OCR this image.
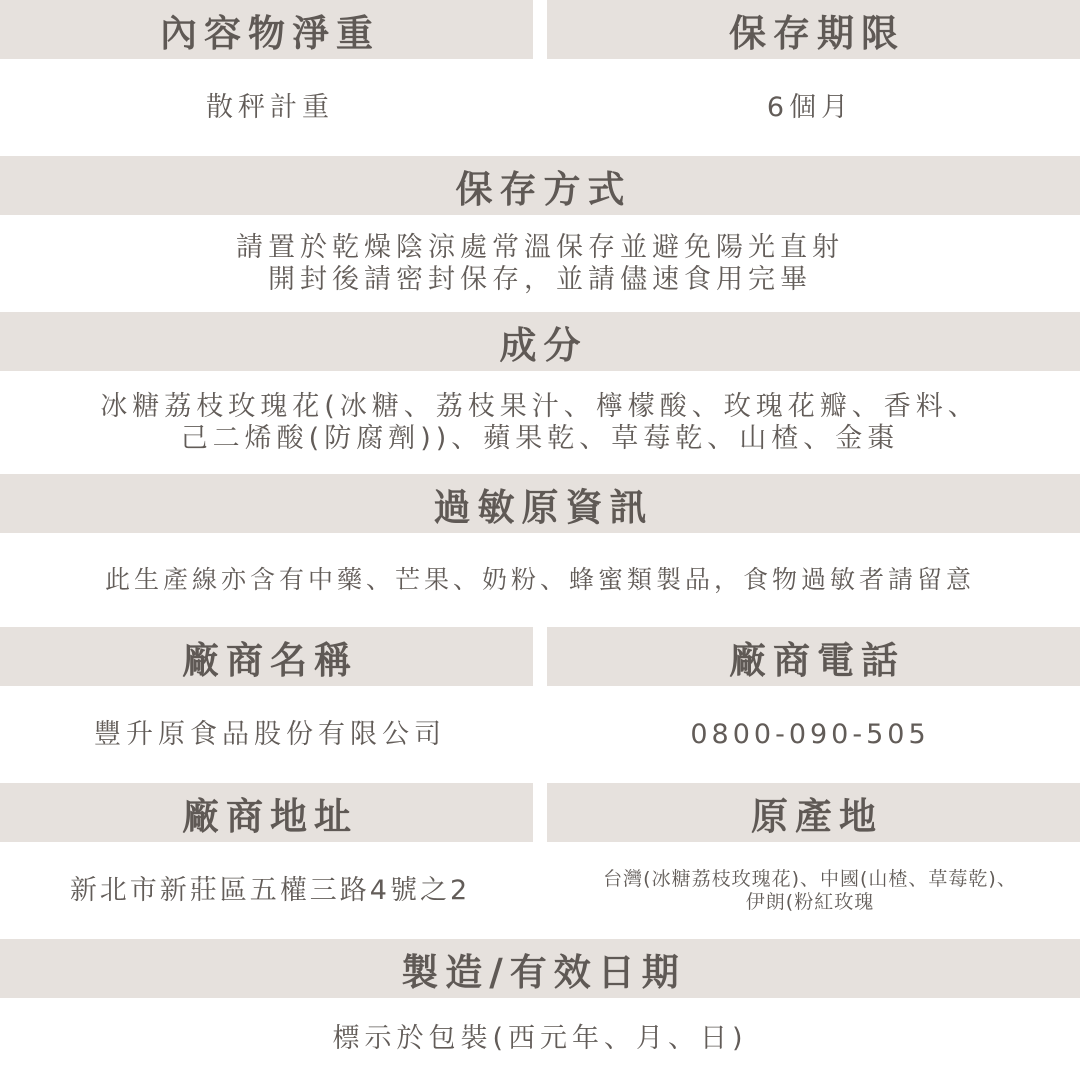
內容物淨重	保存期限
散秤計重	6個月
保存方式
請置於乾燥陰涼處常溫保存並避免陽光直射
開封後請密封保存，並請儘速食用完畢
成分
冰糖荔枝玫瑰花(冰糖、荔枝果汁、檸檬酸、玫瑰花瓣、香料、
己二烯酸(防腐劑))、蘋果乾、草莓乾、山楂、金棗
過敏原資訊
此生產線亦含有中藥、芒果、奶粉、蜂蜜類製品，食物過敏者請留意
廠商名稱	廠商電話
豐升原食品股份有限公司	0800-090-505
廠商地址	原產地
新北市新莊區五權三路4號之2	台灣(冰糖荔枝玫瑰花)、中國(山楂、草莓乾)、
伊朗(粉紅玫瑰
製造/有效日期
標示於包裝(西元年、月、日)
